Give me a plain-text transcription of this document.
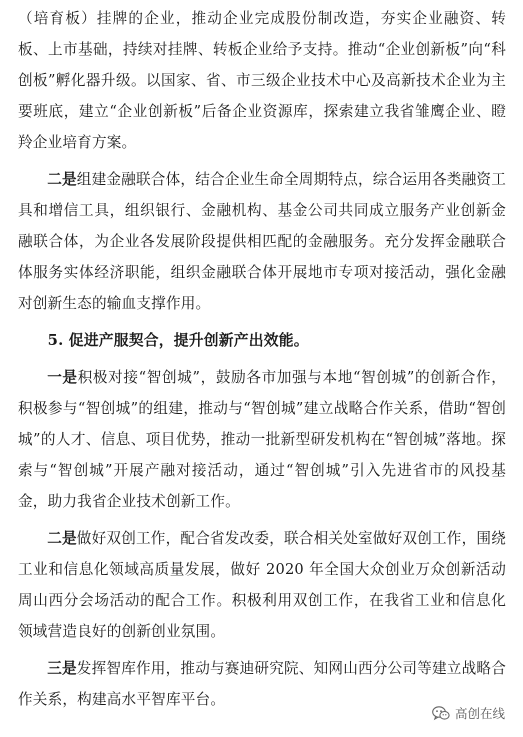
（培育板）挂牌的企业，推动企业完成股份制改造，夯实企业融资、转板、上市基础，持续对挂牌、转板企业给予支持。推动“企业创新板”向“科创板”孵化器升级。以国家、省、市三级企业技术中心及高新技术企业为主要班底，建立“企业创新板”后备企业资源库，探索建立我省雏鹰企业、瞪羚企业培育方案。

二是组建金融联合体，结合企业生命全周期特点，综合运用各类融资工具和增信工具，组织银行、金融机构、基金公司共同成立服务产业创新金融联合体，为企业各发展阶段提供相匹配的金融服务。充分发挥金融联合体服务实体经济职能，组织金融联合体开展地市专项对接活动，强化金融对创新生态的输血支撑作用。

5. 促进产服契合，提升创新产出效能。

一是积极对接“智创城”，鼓励各市加强与本地“智创城”的创新合作，积极参与“智创城”的组建，推动与“智创城”建立战略合作关系，借助“智创城”的人才、信息、项目优势，推动一批新型研发机构在“智创城”落地。探索与“智创城”开展产融对接活动，通过“智创城”引入先进省市的风投基金，助力我省企业技术创新工作。

二是做好双创工作，配合省发改委，联合相关处室做好双创工作，围绕工业和信息化领域高质量发展，做好 2020 年全国大众创业万众创新活动周山西分会场活动的配合工作。积极利用双创工作，在我省工业和信息化领域营造良好的创新创业氛围。

三是发挥智库作用，推动与赛迪研究院、知网山西分公司等建立战略合作关系，构建高水平智库平台。

高创在线
